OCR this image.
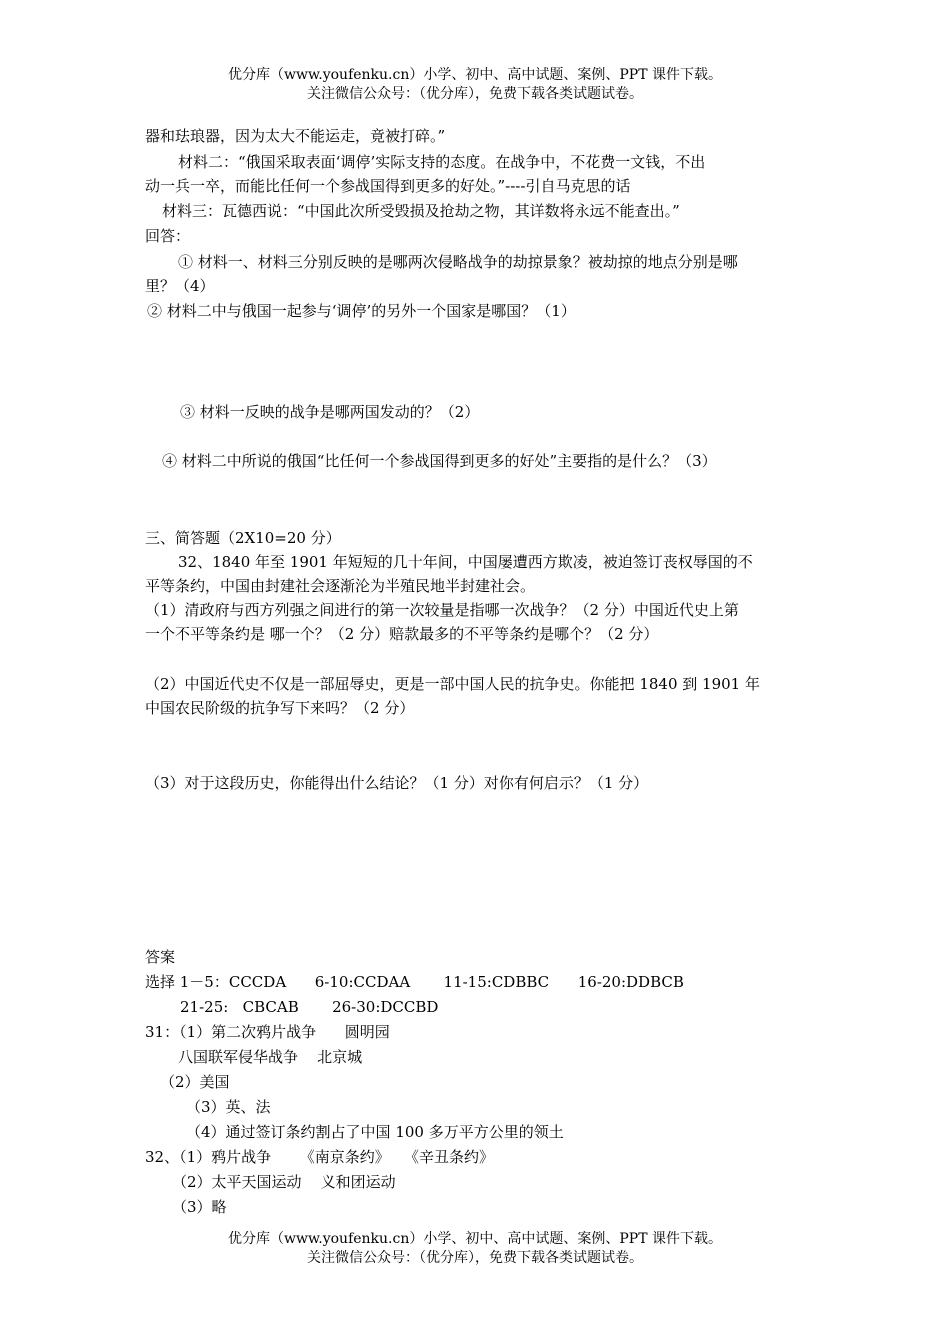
优分库（www.youfenku.cn）小学、初中、高中试题、案例、PPT 课件下载。
关注微信公众号：（优分库），免费下载各类试题试卷。
器和珐琅器，因为太大不能运走，竟被打碎。”
材料二：“俄国采取表面‘调停’实际支持的态度。在战争中，不花费一文钱，不出
动一兵一卒，而能比任何一个参战国得到更多的好处。”----引自马克思的话
材料三：瓦德西说：“中国此次所受毁损及抢劫之物，其详数将永远不能查出。”
回答：
① 材料一、材料三分别反映的是哪两次侵略战争的劫掠景象？被劫掠的地点分别是哪
里？（4）
② 材料二中与俄国一起参与‘调停’的另外一个国家是哪国？（1）
③ 材料一反映的战争是哪两国发动的？（2）
④ 材料二中所说的俄国“比任何一个参战国得到更多的好处”主要指的是什么？（3）
三、简答题（2X10=20 分）
32、1840 年至 1901 年短短的几十年间，中国屡遭西方欺凌，被迫签订丧权辱国的不
平等条约，中国由封建社会逐渐沦为半殖民地半封建社会。
（1）清政府与西方列强之间进行的第一次较量是指哪一次战争？（2 分）中国近代史上第
一个不平等条约是 哪一个？（2 分）赔款最多的不平等条约是哪个？（2 分）
（2）中国近代史不仅是一部屈辱史，更是一部中国人民的抗争史。你能把 1840 到 1901 年
中国农民阶级的抗争写下来吗？（2 分）
（3）对于这段历史，你能得出什么结论？（1 分）对你有何启示？（1 分）
答案
选择 1－5：CCCDA      6-10:CCDAA       11-15:CDBBC      16-20:DDBCB
21-25:   CBCAB       26-30:DCCBD
31：（1）第二次鸦片战争      圆明园
八国联军侵华战争    北京城
（2）美国
（3）英、法
（4）通过签订条约割占了中国 100 多万平方公里的领土
32、（1）鸦片战争      《南京条约》   《辛丑条约》
（2）太平天国运动    义和团运动
（3）略
优分库（www.youfenku.cn）小学、初中、高中试题、案例、PPT 课件下载。
关注微信公众号：（优分库），免费下载各类试题试卷。
